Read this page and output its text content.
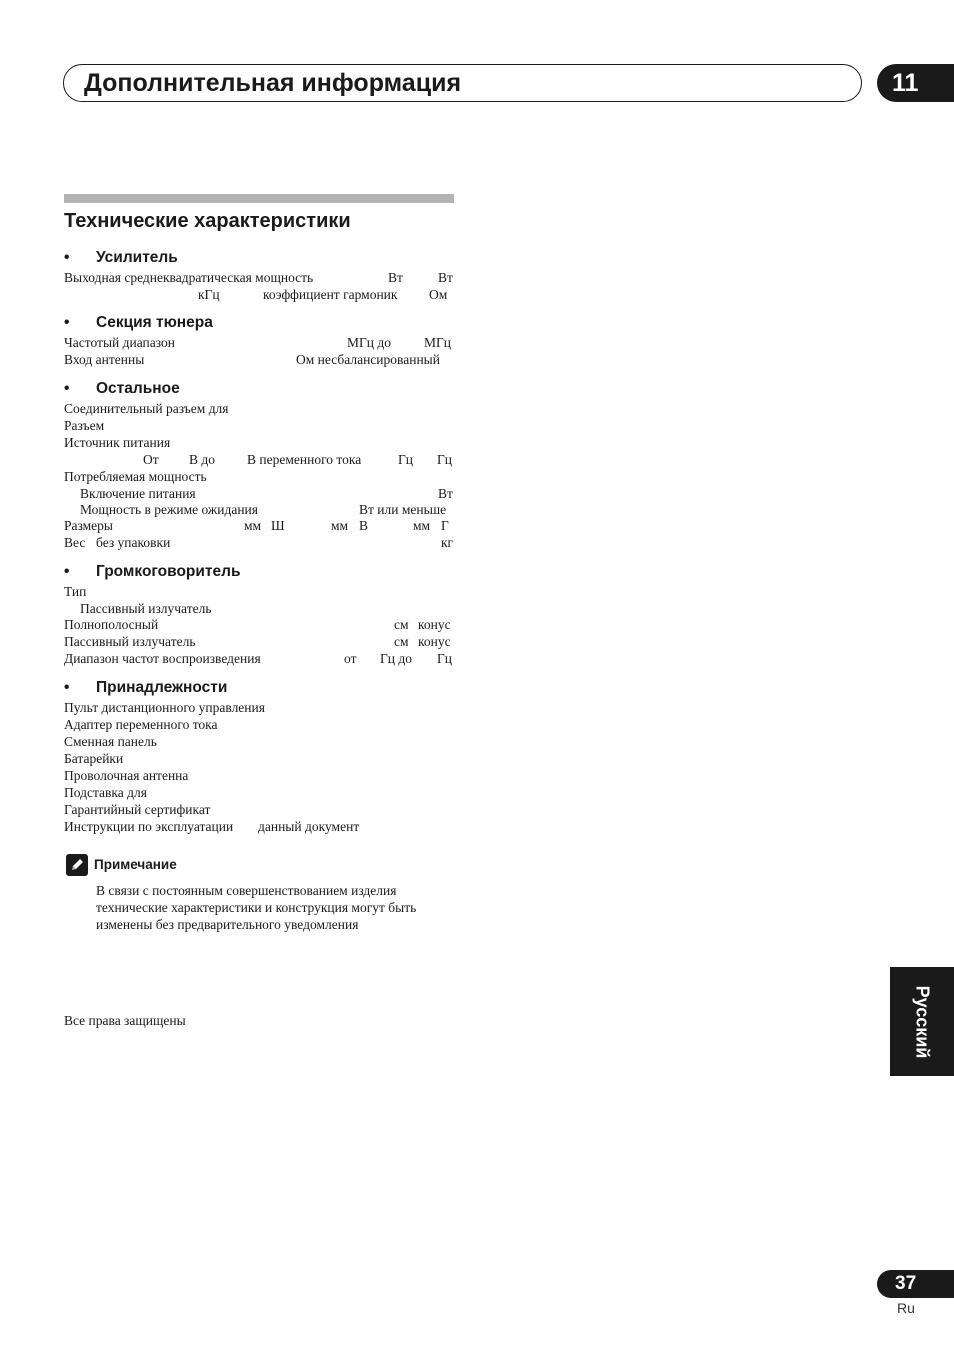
Дополнительная информация	11
Технические характеристики
• Усилитель
Выходная среднеквадратическая мощность	Вт	Вт
кГц	коэффициент гармоник Ом
• Секция тюнера
Частотый диапазон	МГц до МГц
Вход антенны	Ом несбалансированный
• Остальное
Соединительный разъем для
Разъем
Источник питания
От В до В переменного тока	Гц Гц
Потребляемая мощность
Включение питания	Вт
Мощность в режиме ожидания	Вт или меньше
Размеры	мм Ш	мм В	мм Г
Вес без упаковки	кг
• Громкоговоритель
Тип
Пассивный излучатель
Полнополосный	см конус
Пассивный излучатель	см конус
Диапазон частот воспроизведения	от Гц до Гц
• Принадлежности
Пульт дистанционного управления
Адаптер переменного тока
Сменная панель
Батарейки
Проволочная антенна
Подставка для
Гарантийный сертификат
Инструкции по эксплуатации данный документ
Примечание
В связи с постоянным совершенствованием изделия
технические характеристики и конструкция могут быть
изменены без предварительного уведомления
Все права защищены	Русский
37
Ru
